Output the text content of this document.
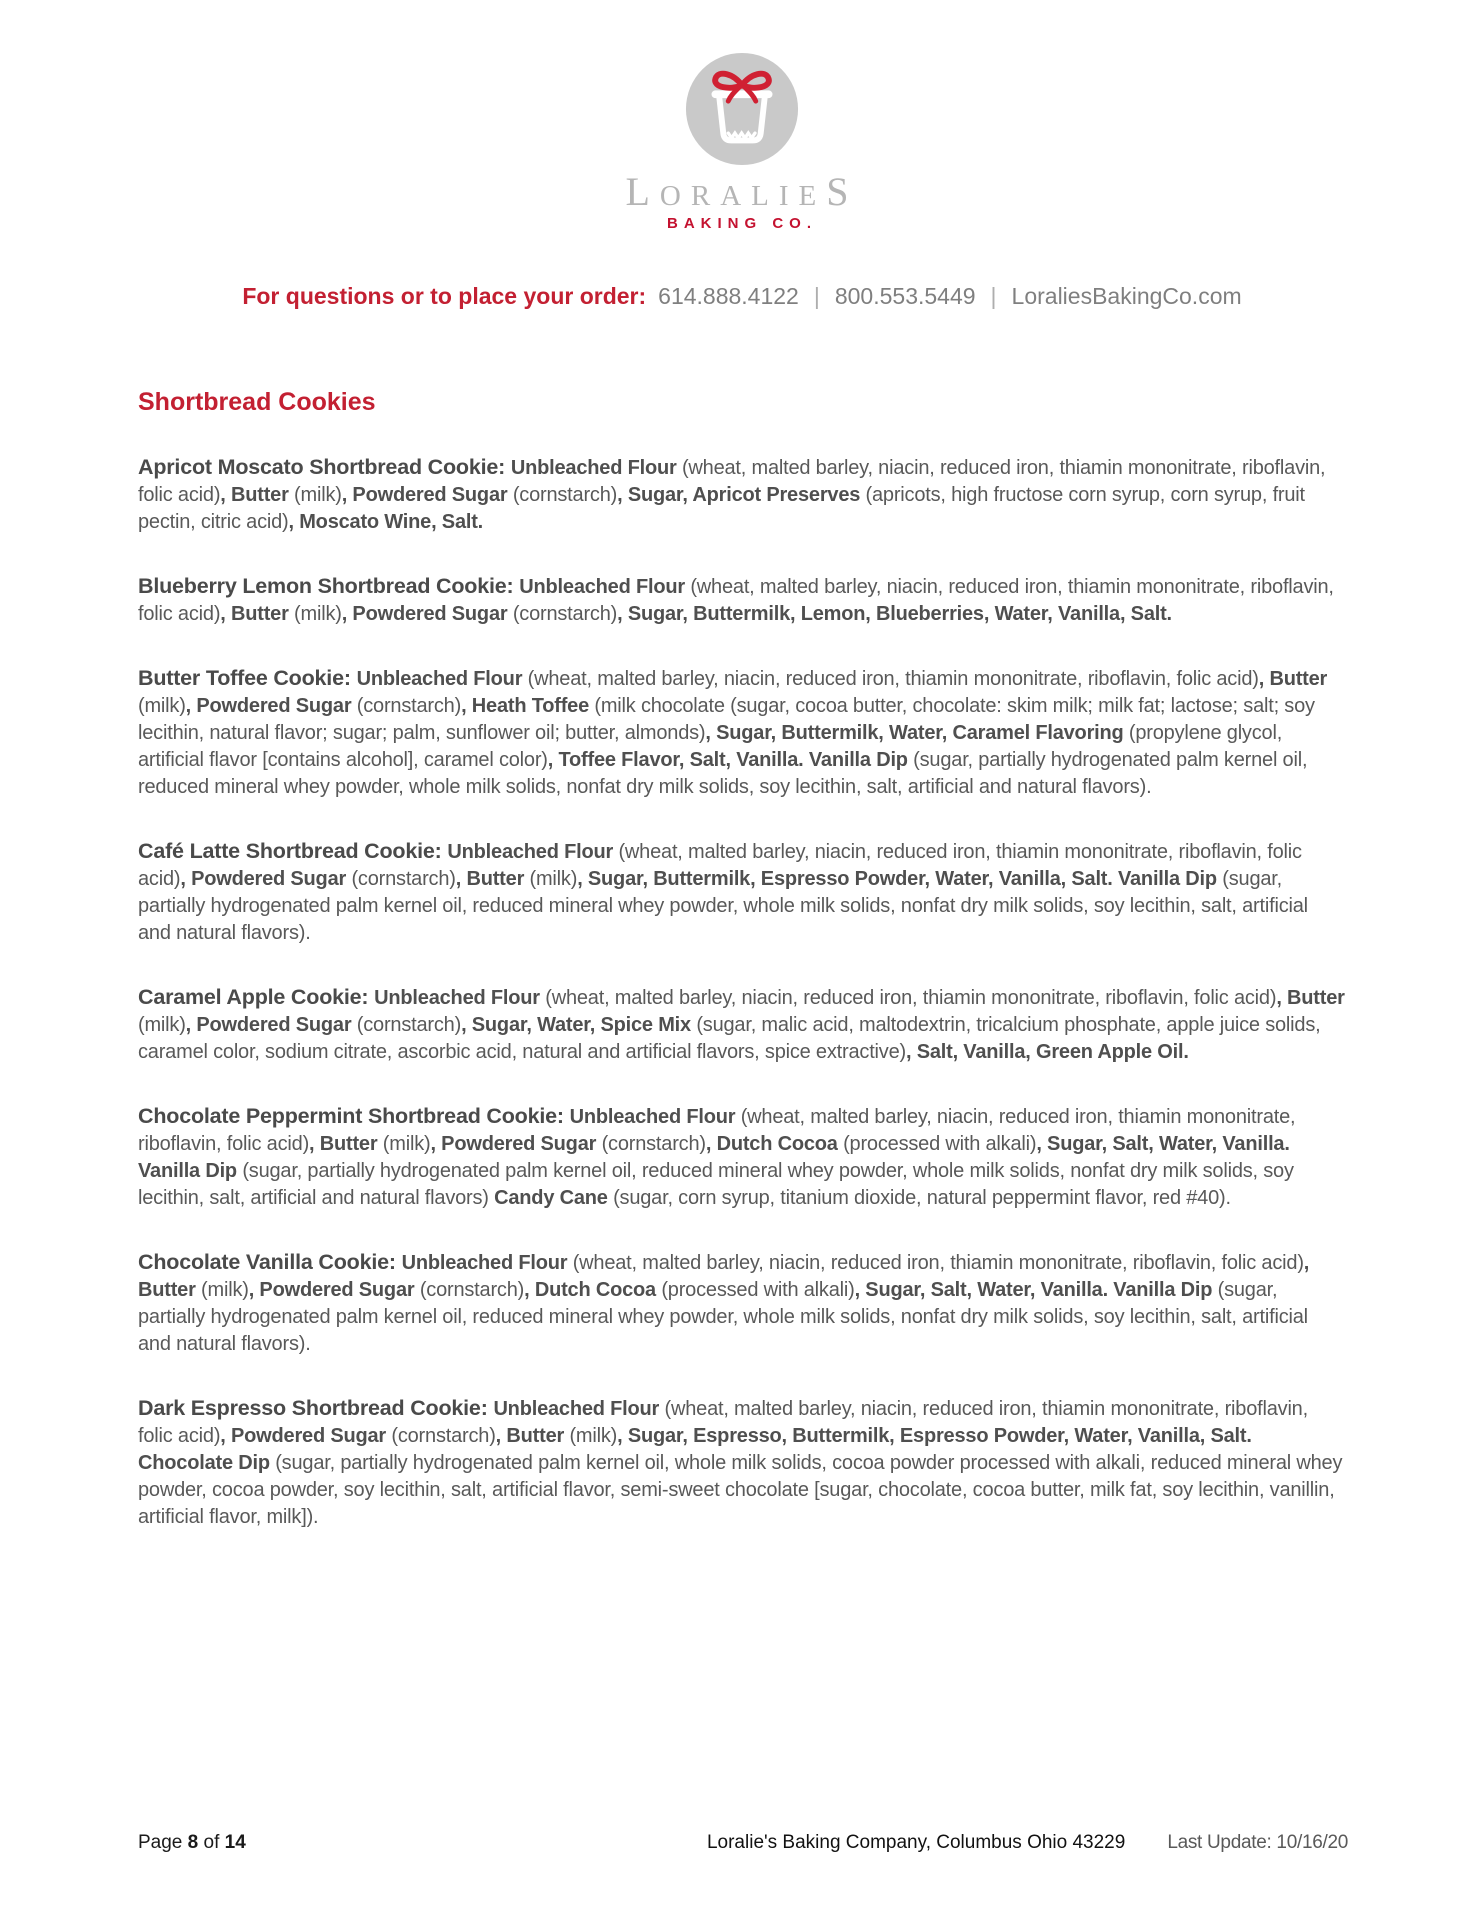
LORALIES
BAKING CO.
For questions or to place your order: 614.888.4122 | 800.553.5449 | LoraliesBakingCo.com
Shortbread Cookies

Apricot Moscato Shortbread Cookie: Unbleached Flour (wheat, malted barley, niacin, reduced iron, thiamin mononitrate, riboflavin, folic acid), Butter (milk), Powdered Sugar (cornstarch), Sugar, Apricot Preserves (apricots, high fructose corn syrup, corn syrup, fruit pectin, citric acid), Moscato Wine, Salt.

Blueberry Lemon Shortbread Cookie: Unbleached Flour (wheat, malted barley, niacin, reduced iron, thiamin mononitrate, riboflavin, folic acid), Butter (milk), Powdered Sugar (cornstarch), Sugar, Buttermilk, Lemon, Blueberries, Water, Vanilla, Salt.

Butter Toffee Cookie: Unbleached Flour (wheat, malted barley, niacin, reduced iron, thiamin mononitrate, riboflavin, folic acid), Butter (milk), Powdered Sugar (cornstarch), Heath Toffee (milk chocolate (sugar, cocoa butter, chocolate: skim milk; milk fat; lactose; salt; soy lecithin, natural flavor; sugar; palm, sunflower oil; butter, almonds), Sugar, Buttermilk, Water, Caramel Flavoring (propylene glycol, artificial flavor [contains alcohol], caramel color), Toffee Flavor, Salt, Vanilla. Vanilla Dip (sugar, partially hydrogenated palm kernel oil, reduced mineral whey powder, whole milk solids, nonfat dry milk solids, soy lecithin, salt, artificial and natural flavors).

Café Latte Shortbread Cookie: Unbleached Flour (wheat, malted barley, niacin, reduced iron, thiamin mononitrate, riboflavin, folic acid), Powdered Sugar (cornstarch), Butter (milk), Sugar, Buttermilk, Espresso Powder, Water, Vanilla, Salt. Vanilla Dip (sugar, partially hydrogenated palm kernel oil, reduced mineral whey powder, whole milk solids, nonfat dry milk solids, soy lecithin, salt, artificial and natural flavors).

Caramel Apple Cookie: Unbleached Flour (wheat, malted barley, niacin, reduced iron, thiamin mononitrate, riboflavin, folic acid), Butter (milk), Powdered Sugar (cornstarch), Sugar, Water, Spice Mix (sugar, malic acid, maltodextrin, tricalcium phosphate, apple juice solids, caramel color, sodium citrate, ascorbic acid, natural and artificial flavors, spice extractive), Salt, Vanilla, Green Apple Oil.

Chocolate Peppermint Shortbread Cookie: Unbleached Flour (wheat, malted barley, niacin, reduced iron, thiamin mononitrate, riboflavin, folic acid), Butter (milk), Powdered Sugar (cornstarch), Dutch Cocoa (processed with alkali), Sugar, Salt, Water, Vanilla. Vanilla Dip (sugar, partially hydrogenated palm kernel oil, reduced mineral whey powder, whole milk solids, nonfat dry milk solids, soy lecithin, salt, artificial and natural flavors) Candy Cane (sugar, corn syrup, titanium dioxide, natural peppermint flavor, red #40).

Chocolate Vanilla Cookie: Unbleached Flour (wheat, malted barley, niacin, reduced iron, thiamin mononitrate, riboflavin, folic acid), Butter (milk), Powdered Sugar (cornstarch), Dutch Cocoa (processed with alkali), Sugar, Salt, Water, Vanilla. Vanilla Dip (sugar, partially hydrogenated palm kernel oil, reduced mineral whey powder, whole milk solids, nonfat dry milk solids, soy lecithin, salt, artificial and natural flavors).

Dark Espresso Shortbread Cookie: Unbleached Flour (wheat, malted barley, niacin, reduced iron, thiamin mononitrate, riboflavin, folic acid), Powdered Sugar (cornstarch), Butter (milk), Sugar, Espresso, Buttermilk, Espresso Powder, Water, Vanilla, Salt. Chocolate Dip (sugar, partially hydrogenated palm kernel oil, whole milk solids, cocoa powder processed with alkali, reduced mineral whey powder, cocoa powder, soy lecithin, salt, artificial flavor, semi-sweet chocolate [sugar, chocolate, cocoa butter, milk fat, soy lecithin, vanillin, artificial flavor, milk]).

Page 8 of 14	Loralie's Baking Company, Columbus Ohio 43229 Last Update: 10/16/20
